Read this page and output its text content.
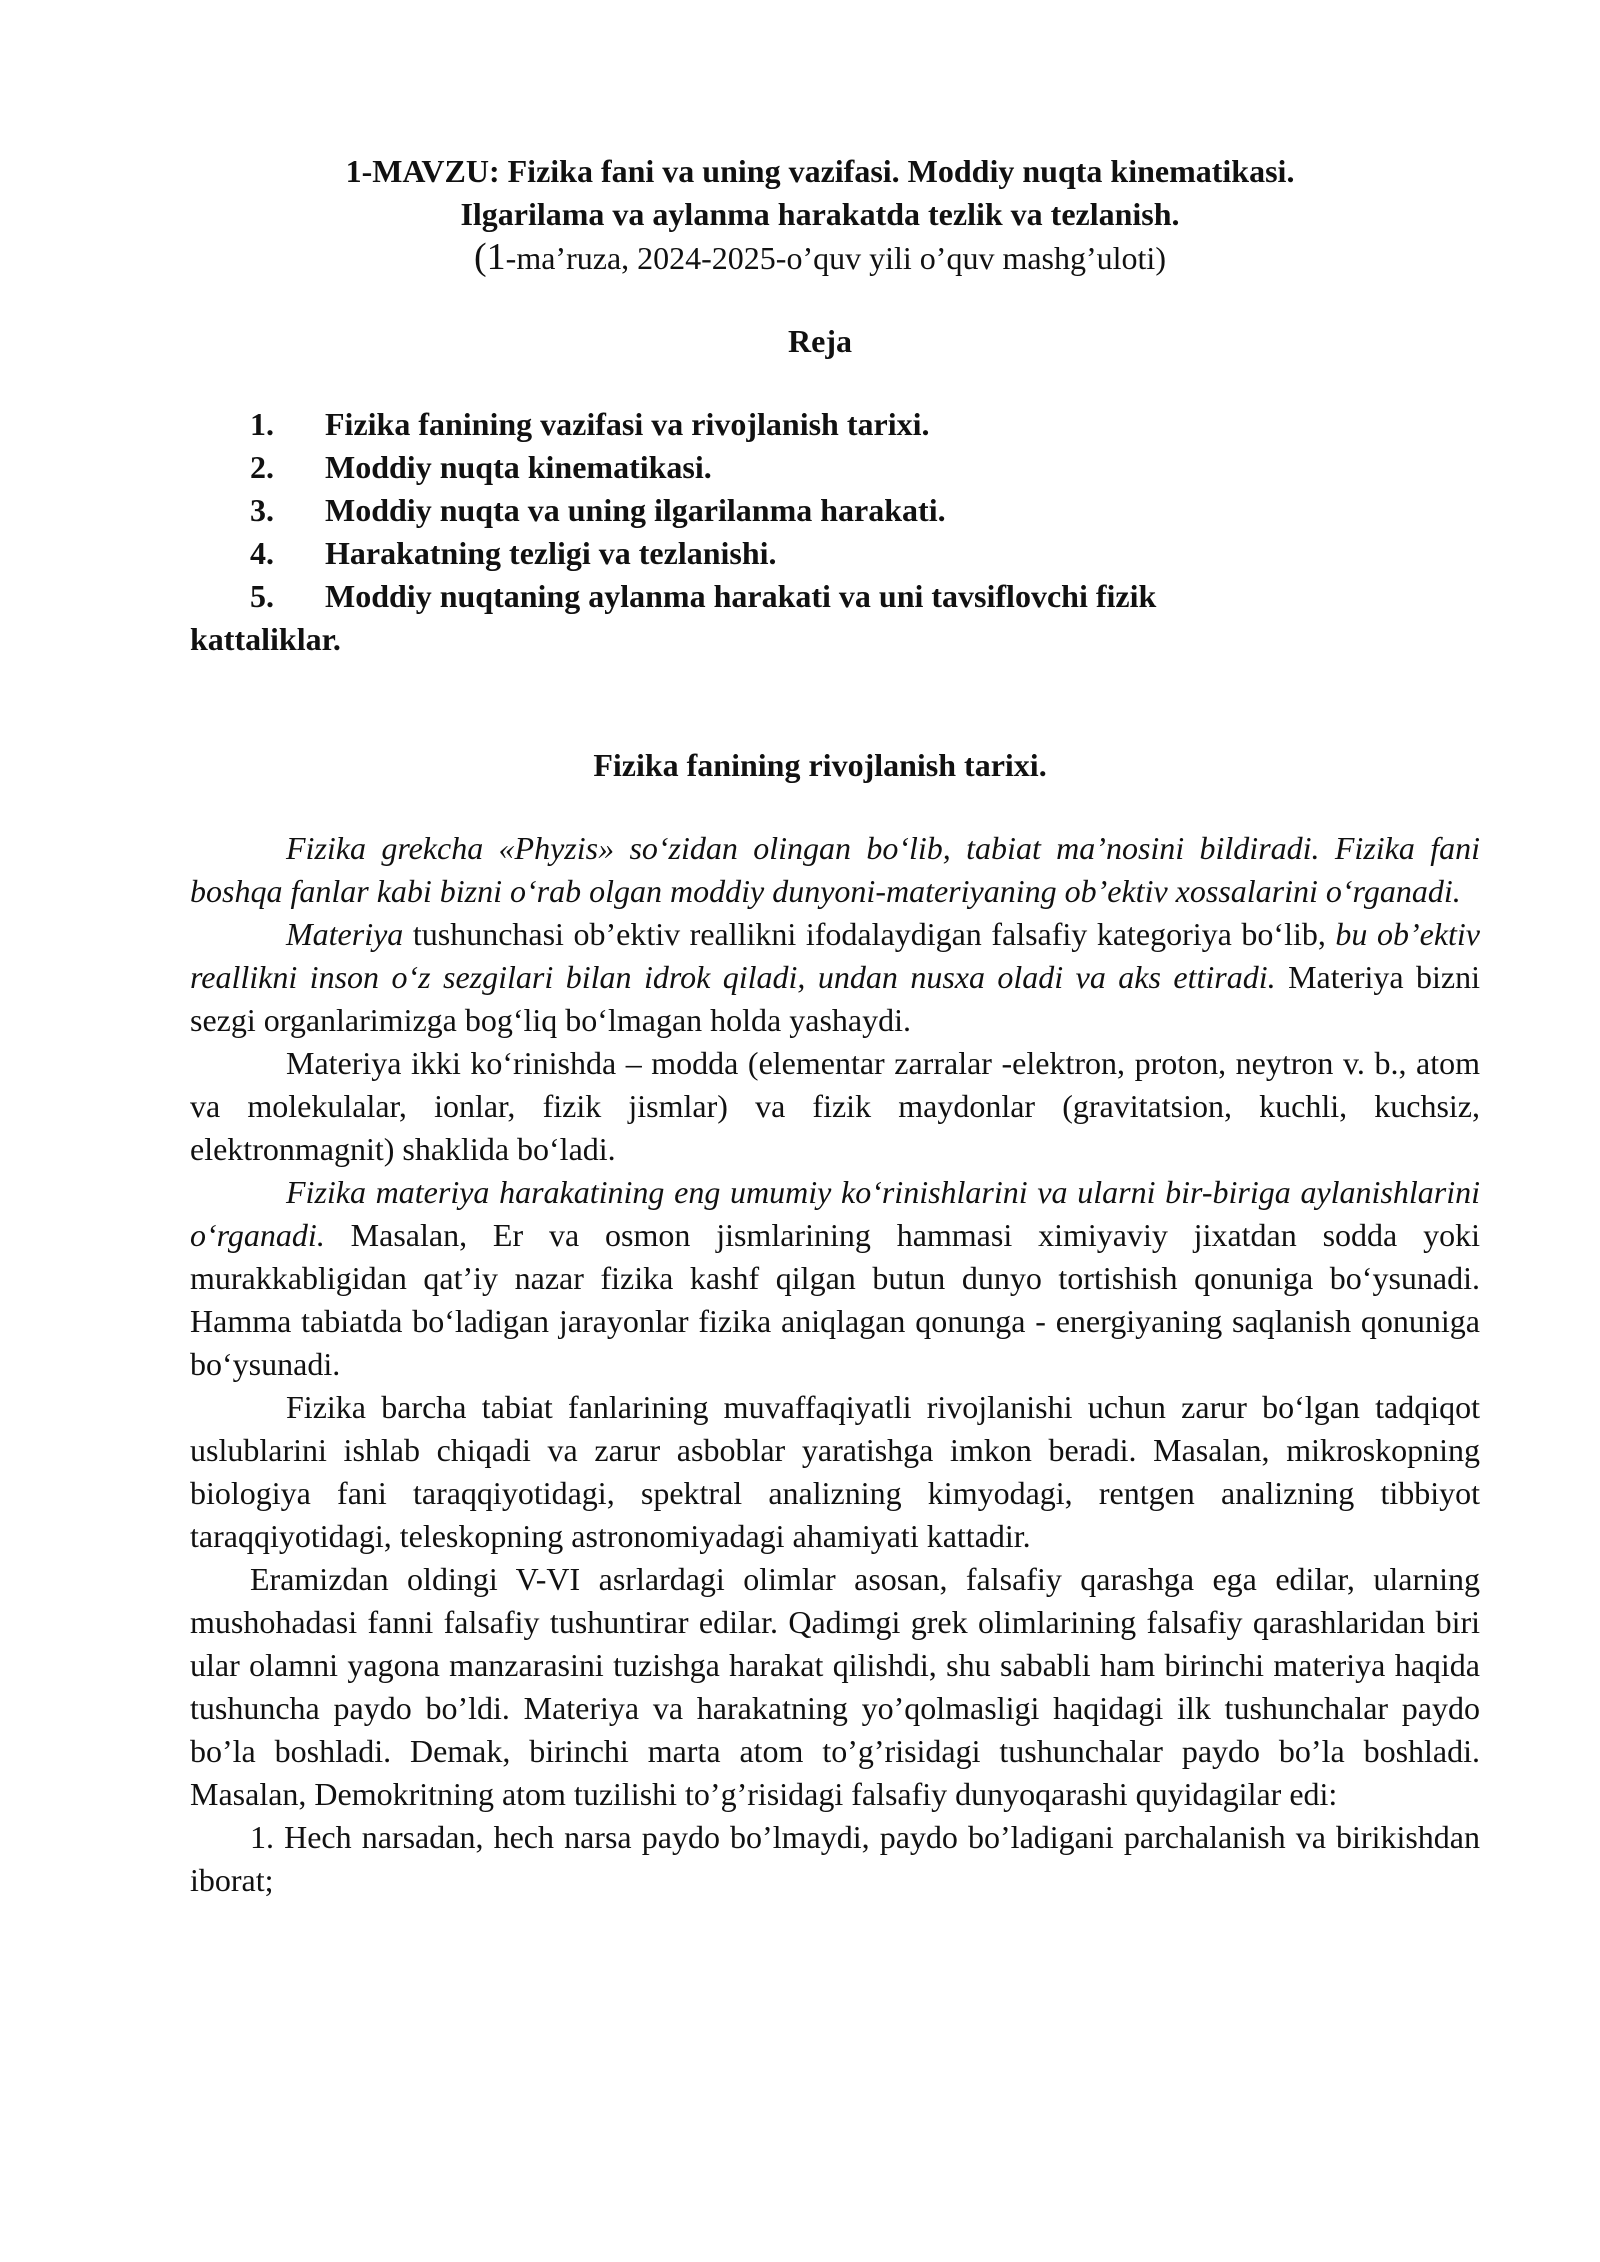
1-MAVZU: Fizika fani va uning vazifasi. Moddiy nuqta kinematikasi.
Ilgarilama va aylanma harakatda tezlik va tezlanish.
(1-ma’ruza, 2024-2025-o’quv yili o’quv mashg’uloti)
Reja
1. Fizika fanining vazifasi va rivojlanish tarixi.
2. Moddiy nuqta kinematikasi.
3. Moddiy nuqta va uning ilgarilanma harakati.
4. Harakatning tezligi va tezlanishi.
5. Moddiy nuqtaning aylanma harakati va uni tavsiflovchi fizik
kattaliklar.
Fizika fanining rivojlanish tarixi.

Fizika grekcha «Phyzis» so‘zidan olingan bo‘lib, tabiat ma’nosini bildiradi. Fizika fani boshqa fanlar kabi bizni o‘rab olgan moddiy dunyoni-materiyaning ob’ektiv xossalarini o‘rganadi.

Materiya tushunchasi ob’ektiv reallikni ifodalaydigan falsafiy kategoriya bo‘lib, bu ob’ektiv reallikni inson o‘z sezgilari bilan idrok qiladi, undan nusxa oladi va aks ettiradi. Materiya bizni sezgi organlarimizga bog‘liq bo‘lmagan holda yashaydi.

Materiya ikki ko‘rinishda – modda (elementar zarralar -elektron, proton, neytron v. b., atom va molekulalar, ionlar, fizik jismlar) va fizik maydonlar (gravitatsion, kuchli, kuchsiz, elektronmagnit) shaklida bo‘ladi.

Fizika materiya harakatining eng umumiy ko‘rinishlarini va ularni bir-biriga aylanishlarini o‘rganadi. Masalan, Er va osmon jismlarining hammasi ximiyaviy jixatdan sodda yoki murakkabligidan qat’iy nazar fizika kashf qilgan butun dunyo tortishish qonuniga bo‘ysunadi. Hamma tabiatda bo‘ladigan jarayonlar fizika aniqlagan qonunga - energiyaning saqlanish qonuniga bo‘ysunadi.

Fizika barcha tabiat fanlarining muvaffaqiyatli rivojlanishi uchun zarur bo‘lgan tadqiqot uslublarini ishlab chiqadi va zarur asboblar yaratishga imkon beradi. Masalan, mikroskopning biologiya fani taraqqiyotidagi, spektral analizning kimyodagi, rentgen analizning tibbiyot taraqqiyotidagi, teleskopning astronomiyadagi ahamiyati kattadir.

Eramizdan oldingi V-VI asrlardagi olimlar asosan, falsafiy qarashga ega edilar, ularning mushohadasi fanni falsafiy tushuntirar edilar. Qadimgi grek olimlarining falsafiy qarashlaridan biri ular olamni yagona manzarasini tuzishga harakat qilishdi, shu sababli ham birinchi materiya haqida tushuncha paydo bo’ldi. Materiya va harakatning yo’qolmasligi haqidagi ilk tushunchalar paydo bo’la boshladi. Demak, birinchi marta atom to’g’risidagi tushunchalar paydo bo’la boshladi. Masalan, Demokritning atom tuzilishi to’g’risidagi falsafiy dunyoqarashi quyidagilar edi:

1. Hech narsadan, hech narsa paydo bo’lmaydi, paydo bo’ladigani parchalanish va birikishdan iborat;
